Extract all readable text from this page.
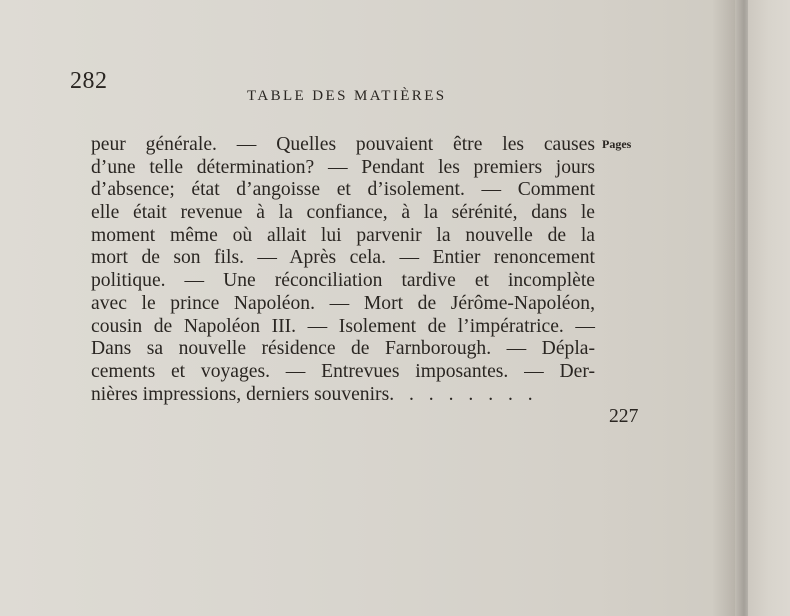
282
TABLE DES MATIÈRES
Pages
peur générale. — Quelles pouvaient être les causes
d’une telle détermination? — Pendant les premiers jours
d’absence; état d’angoisse et d’isolement. — Comment
elle était revenue à la confiance, à la sérénité, dans le
moment même où allait lui parvenir la nouvelle de la
mort de son fils. — Après cela. — Entier renoncement
politique. — Une réconciliation tardive et incomplète
avec le prince Napoléon. — Mort de Jérôme-Napoléon,
cousin de Napoléon III. — Isolement de l’impératrice. —
Dans sa nouvelle résidence de Farnborough. — Dépla-
cements et voyages. — Entrevues imposantes. — Der-
nières impressions, derniers souvenirs. . . . . . . .
227
